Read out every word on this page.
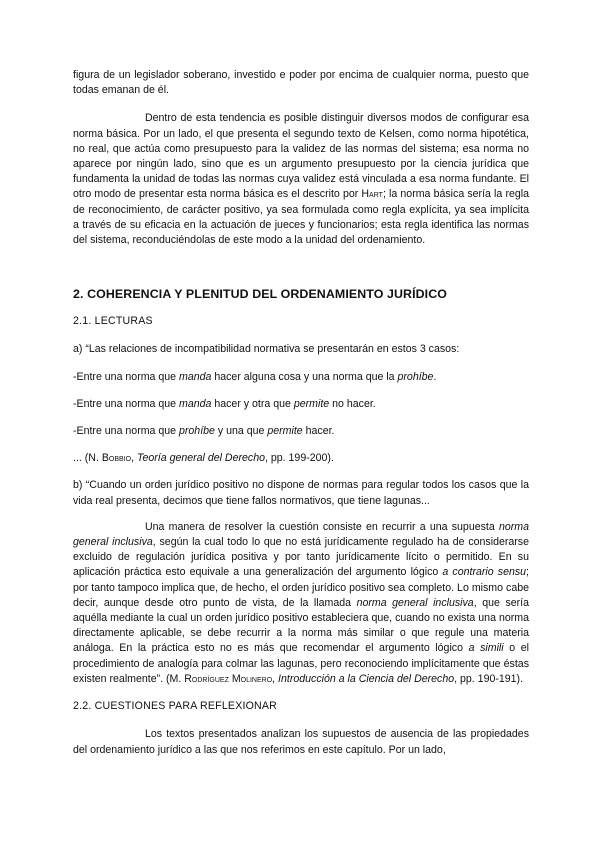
figura de un legislador soberano, investido e poder por encima de cualquier norma, puesto que todas emanan de él.

Dentro de esta tendencia es posible distinguir diversos modos de configurar esa norma básica. Por un lado, el que presenta el segundo texto de Kelsen, como norma hipotética, no real, que actúa como presupuesto para la validez de las normas del sistema; esa norma no aparece por ningún lado, sino que es un argumento presupuesto por la ciencia jurídica que fundamenta la unidad de todas las normas cuya validez está vinculada a esa norma fundante. El otro modo de presentar esta norma básica es el descrito por Hart; la norma básica sería la regla de reconocimiento, de carácter positivo, ya sea formulada como regla explícita, ya sea implícita a través de su eficacia en la actuación de jueces y funcionarios; esta regla identifica las normas del sistema, reconduciéndolas de este modo a la unidad del ordenamiento.

2. COHERENCIA Y PLENITUD DEL ORDENAMIENTO JURÍDICO

2.1. LECTURAS

a) “Las relaciones de incompatibilidad normativa se presentarán en estos 3 casos:

-Entre una norma que manda hacer alguna cosa y una norma que la prohíbe.

-Entre una norma que manda hacer y otra que permite no hacer.

-Entre una norma que prohíbe y una que permite hacer.

... (N. Bobbio, Teoría general del Derecho, pp. 199-200).

b) “Cuando un orden jurídico positivo no dispone de normas para regular todos los casos que la vida real presenta, decimos que tiene fallos normativos, que tiene lagunas...

Una manera de resolver la cuestión consiste en recurrir a una supuesta norma general inclusiva, según la cual todo lo que no está jurídicamente regulado ha de considerarse excluido de regulación jurídica positiva y por tanto jurídicamente lícito o permitido. En su aplicación práctica esto equivale a una generalización del argumento lógico a contrario sensu; por tanto tampoco implica que, de hecho, el orden jurídico positivo sea completo. Lo mismo cabe decir, aunque desde otro punto de vista, de la llamada norma general inclusiva, que sería aquélla mediante la cual un orden jurídico positivo estableciera que, cuando no exista una norma directamente aplicable, se debe recurrir a la norma más similar o que regule una materia análoga. En la práctica esto no es más que recomendar el argumento lógico a simili o el procedimiento de analogía para colmar las lagunas, pero reconociendo implícitamente que éstas existen realmente”. (M. Rodríguez Molinero, Introducción a la Ciencia del Derecho, pp. 190-191).

2.2. CUESTIONES PARA REFLEXIONAR

Los textos presentados analizan los supuestos de ausencia de las propiedades del ordenamiento jurídico a las que nos referimos en este capítulo. Por un lado,
